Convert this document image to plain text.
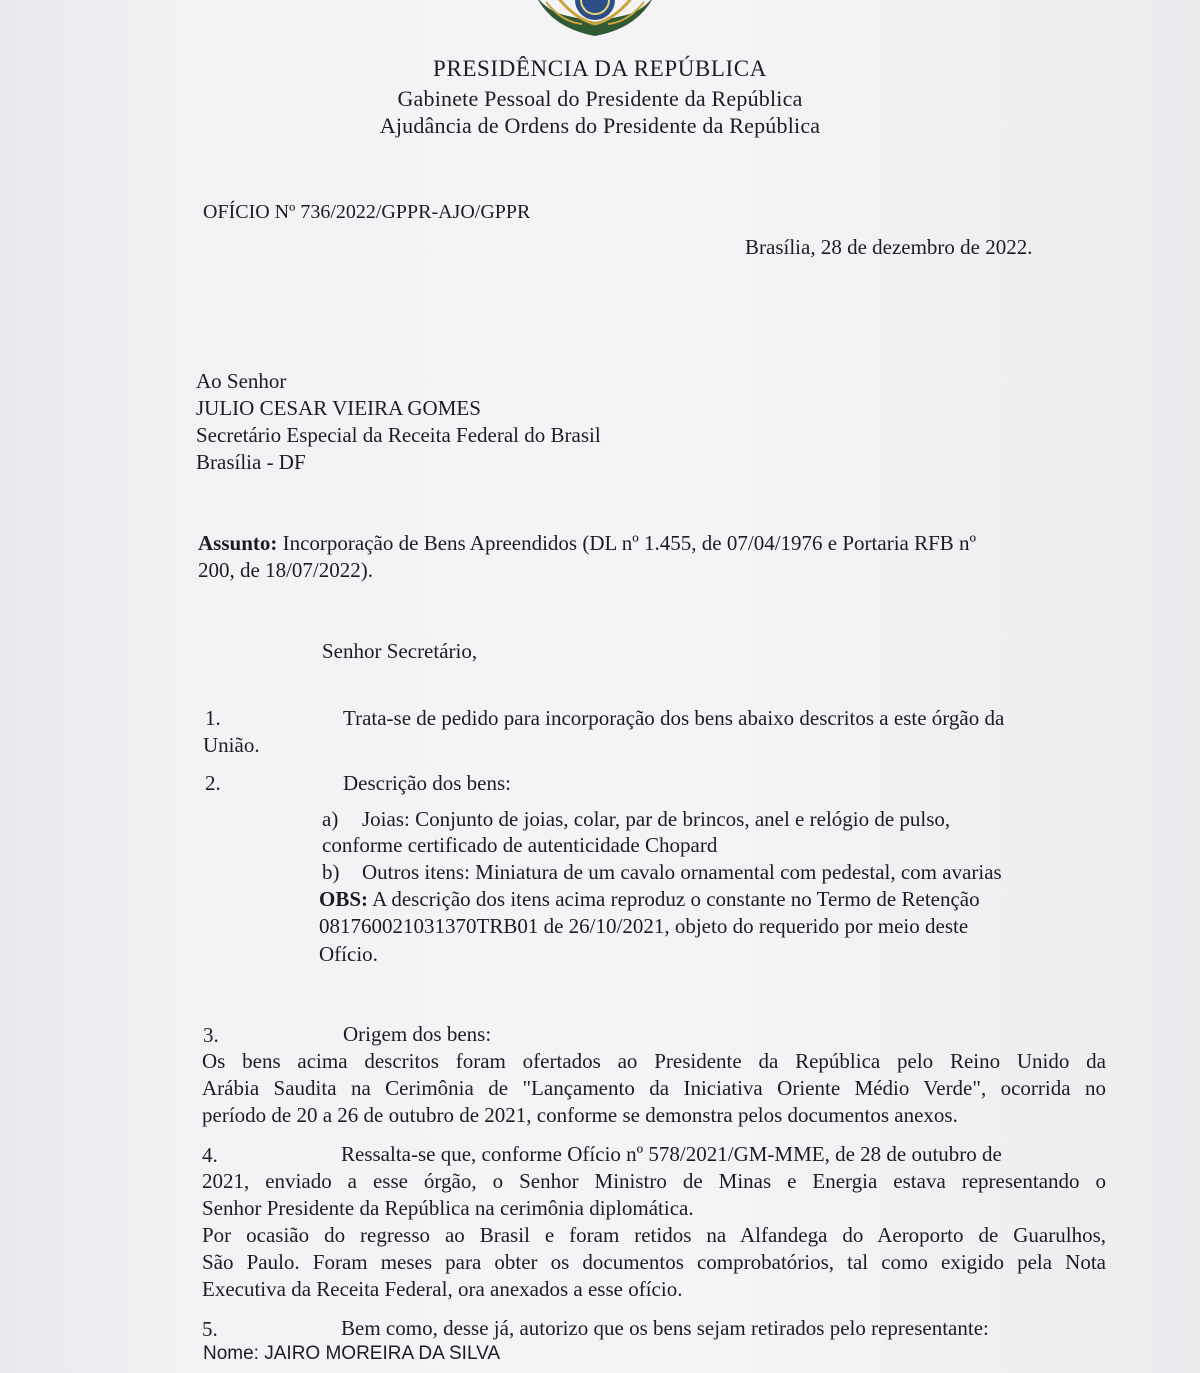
PRESIDÊNCIA DA REPÚBLICA
Gabinete Pessoal do Presidente da República
Ajudância de Ordens do Presidente da República
OFÍCIO Nº 736/2022/GPPR-AJO/GPPR
Brasília, 28 de dezembro de 2022.
Ao Senhor
JULIO CESAR VIEIRA GOMES
Secretário Especial da Receita Federal do Brasil
Brasília - DF
Assunto: Incorporação de Bens Apreendidos (DL nº 1.455, de 07/04/1976 e Portaria RFB nº
200, de 18/07/2022).
Senhor Secretário,
1.	Trata-se de pedido para incorporação dos bens abaixo descritos a este órgão da
União.
2.	Descrição dos bens:
a) Joias: Conjunto de joias, colar, par de brincos, anel e relógio de pulso,
conforme certificado de autenticidade Chopard
b) Outros itens: Miniatura de um cavalo ornamental com pedestal, com avarias
OBS: A descrição dos itens acima reproduz o constante no Termo de Retenção
081760021031370TRB01 de 26/10/2021, objeto do requerido por meio deste
Ofício.
3.	Origem dos bens:
Os bens acima descritos foram ofertados ao Presidente da República pelo Reino Unido da
Arábia Saudita na Cerimônia de "Lançamento da Iniciativa Oriente Médio Verde", ocorrida no
período de 20 a 26 de outubro de 2021, conforme se demonstra pelos documentos anexos.
4.	Ressalta-se que, conforme Ofício nº 578/2021/GM-MME, de 28 de outubro de
2021, enviado a esse órgão, o Senhor Ministro de Minas e Energia estava representando o
Senhor Presidente da República na cerimônia diplomática.
Por ocasião do regresso ao Brasil e foram retidos na Alfandega do Aeroporto de Guarulhos,
São Paulo. Foram meses para obter os documentos comprobatórios, tal como exigido pela Nota
Executiva da Receita Federal, ora anexados a esse ofício.
5.	Bem como, desse já, autorizo que os bens sejam retirados pelo representante:
Nome: JAIRO MOREIRA DA SILVA
